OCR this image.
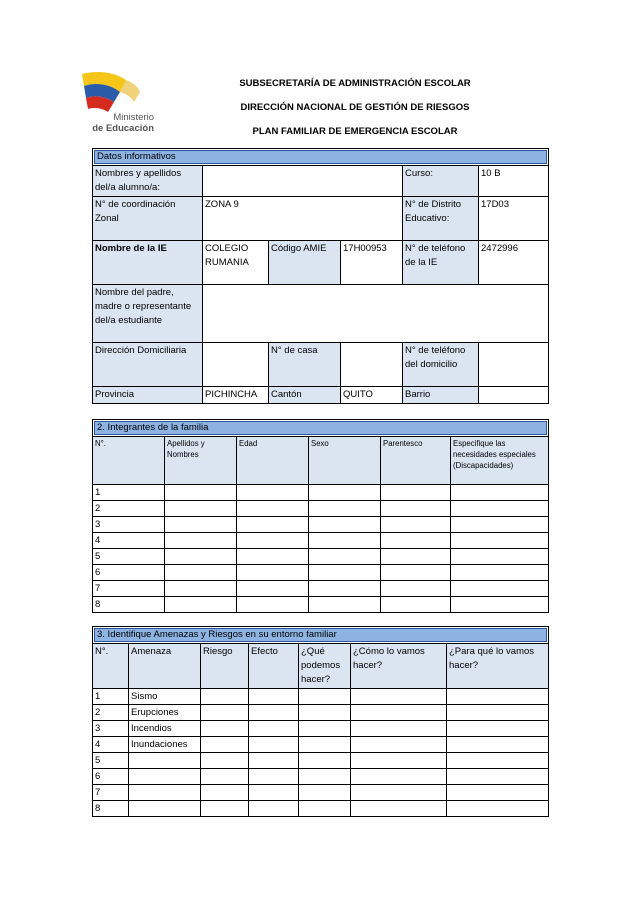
Ministerio
de Educación
SUBSECRETARÍA DE ADMINISTRACIÓN ESCOLAR
DIRECCIÓN NACIONAL DE GESTIÓN DE RIESGOS
PLAN FAMILIAR DE EMERGENCIA ESCOLAR
Datos informativos					

Nombres y apellidos del/a alumno/a:				Curso:	10 B
N° de coordinación Zonal	ZONA 9			N° de Distrito Educativo:	17D03
Nombre de la IE	COLEGIO RUMANIA	Código AMIE	17H00953	N° de teléfono de la IE	2472996
Nombre del padre, madre o representante del/a estudiante					
Dirección Domiciliaria		N° de casa		N° de teléfono del domicilio	
Provincia	PICHINCHA	Cantón	QUITO	Barrio	
2. Integrantes de la familia					

N°.	Apellidos y Nombres	Edad	Sexo	Parentesco	Especifique las necesidades especiales (Discapacidades)
1					
2					
3					
4					
5					
6					
7					
8					
3. Identifique Amenazas y Riesgos en su entorno familiar						

N°.	Amenaza	Riesgo	Efecto	¿Qué podemos hacer?	¿Cómo lo vamos hacer?	¿Para qué lo vamos hacer?
1	Sismo					
2	Erupciones					
3	Incendios					
4	Inundaciones					
5						
6						
7						
8						
